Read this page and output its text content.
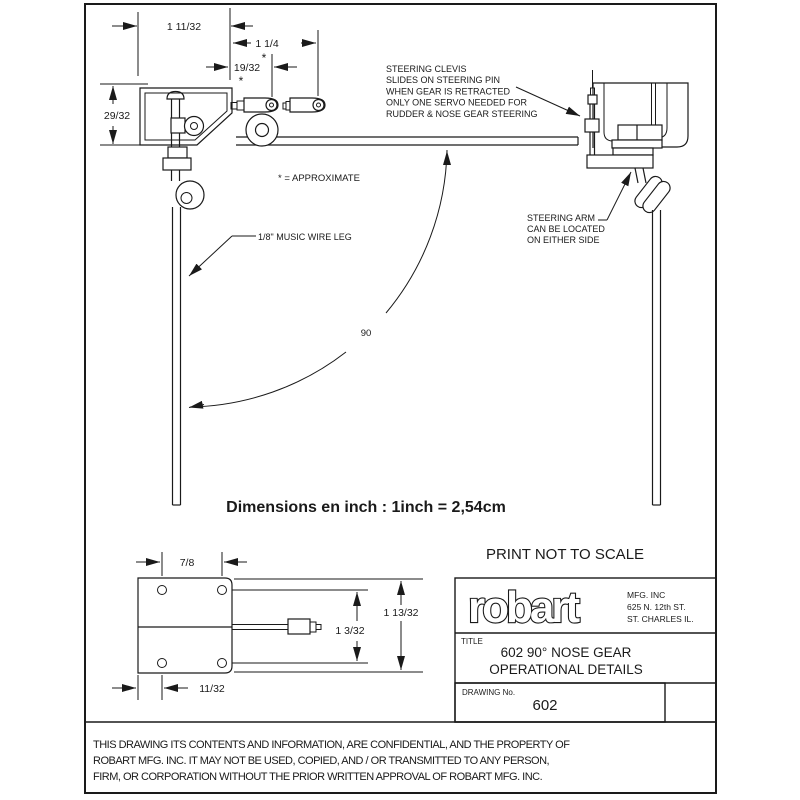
90
1 11/32
1 1/4
*
19/32
*
29/32
STEERING CLEVIS
SLIDES ON STEERING PIN
WHEN GEAR IS RETRACTED
ONLY ONE SERVO NEEDED FOR
RUDDER & NOSE GEAR STEERING
STEERING ARM
CAN BE LOCATED
ON EITHER SIDE
1/8" MUSIC WIRE LEG
* = APPROXIMATE
1 13/32
1 3/32
7/8
11/32
Dimensions en inch : 1inch = 2,54cm
PRINT NOT TO SCALE
robart	MFG. INC
625 N. 12th ST.
ST. CHARLES IL.
TITLE
602 90° NOSE GEAR
OPERATIONAL DETAILS
DRAWING No.
602
THIS DRAWING ITS CONTENTS AND INFORMATION, ARE CONFIDENTIAL, AND THE PROPERTY OF
ROBART MFG. INC. IT MAY NOT BE USED, COPIED, AND / OR TRANSMITTED TO ANY PERSON,
FIRM, OR CORPORATION WITHOUT THE PRIOR WRITTEN APPROVAL OF ROBART MFG. INC.
